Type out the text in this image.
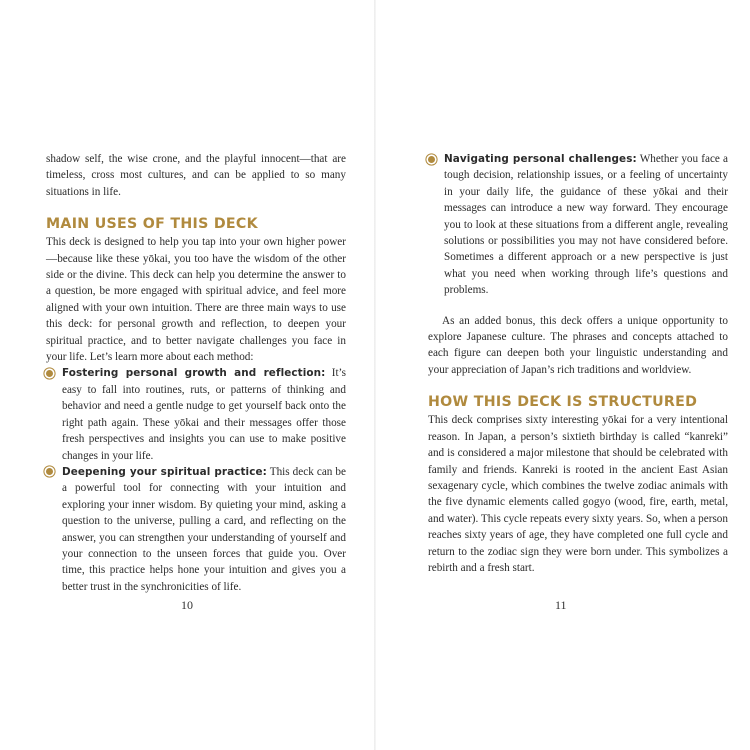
shadow self, the wise crone, and the playful innocent—that are timeless, cross most cultures, and can be applied to so many situations in life.

MAIN USES OF THIS DECK

This deck is designed to help you tap into your own higher power—because like these yōkai, you too have the wisdom of the other side or the divine. This deck can help you determine the answer to a question, be more engaged with spiritual advice, and feel more aligned with your own intuition. There are three main ways to use this deck: for personal growth and reflection, to deepen your spiritual practice, and to better navigate challenges you face in your life. Let’s learn more about each method:

Fostering personal growth and reflection: It’s easy to fall into routines, ruts, or patterns of thinking and behavior and need a gentle nudge to get yourself back onto the right path again. These yōkai and their messages offer those fresh perspectives and insights you can use to make positive changes in your life.
Deepening your spiritual practice: This deck can be a powerful tool for connecting with your intuition and exploring your inner wisdom. By quieting your mind, asking a question to the universe, pulling a card, and reflecting on the answer, you can strengthen your understanding of yourself and your connection to the unseen forces that guide you. Over time, this practice helps hone your intuition and gives you a better trust in the synchronicities of life.
10
Navigating personal challenges: Whether you face a tough decision, relationship issues, or a feeling of uncertainty in your daily life, the guidance of these yōkai and their messages can introduce a new way forward. They encourage you to look at these situations from a different angle, revealing solutions or possibilities you may not have considered before. Sometimes a different approach or a new perspective is just what you need when working through life’s questions and problems.

As an added bonus, this deck offers a unique opportunity to explore Japanese culture. The phrases and concepts attached to each figure can deepen both your linguistic understanding and your appreciation of Japan’s rich traditions and worldview.

HOW THIS DECK IS STRUCTURED

This deck comprises sixty interesting yōkai for a very intentional reason. In Japan, a person’s sixtieth birthday is called “kanreki” and is considered a major milestone that should be celebrated with family and friends. Kanreki is rooted in the ancient East Asian sexagenary cycle, which combines the twelve zodiac animals with the five dynamic elements called gogyo (wood, fire, earth, metal, and water). This cycle repeats every sixty years. So, when a person reaches sixty years of age, they have completed one full cycle and return to the zodiac sign they were born under. This symbolizes a rebirth and a fresh start.

11
